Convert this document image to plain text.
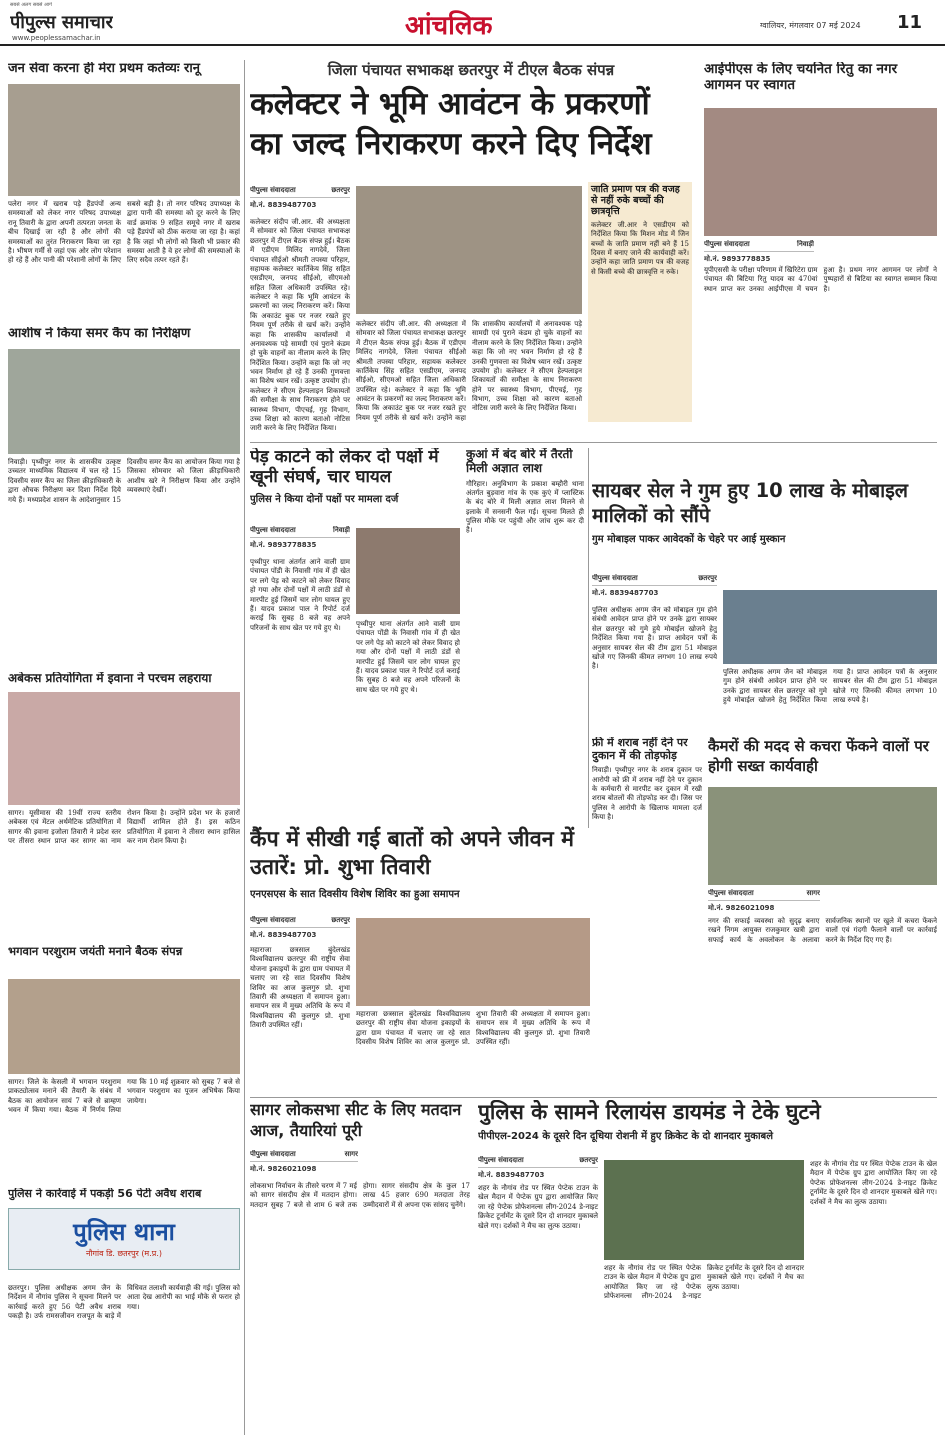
सबसे अलग सबसे आगे
पीपुल्स समाचार
www.peoplessamachar.in	आंचलिक	ग्वालियर, मंगलवार 07 मई 2024 11
जन सेवा करना ही मेरा प्रथम कर्तव्यः रानू
पलेरा नगर में खराब पड़े हैंडपंपों अन्य समस्याओं को लेकर नगर परिषद उपाध्यक्ष रानू तिवारी के द्वारा अपनी तत्परता जनता के बीच दिखाई जा रही है और लोगों की समस्याओं का तुरंत निराकरण किया जा रहा है। भीषण गर्मी से जहां एक ओर लोग परेशान हो रहे हैं और पानी की परेशानी लोगों के लिए सबसे बड़ी है। तो नगर परिषद उपाध्यक्ष के द्वारा पानी की समस्या को दूर करने के लिए वार्ड क्रमांक 9 सहित समूचे नगर में खराब पड़े हैंडपंपों को ठीक कराया जा रहा है। कहां है कि जहां भी लोगों को किसी भी प्रकार की समस्या आती है वे हर लोगों की समस्याओं के लिए सदैव तत्पर रहते हैं।
आशीष ने किया समर कैंप का निरीक्षण
निवाड़ी। पृथ्वीपुर नगर के शासकीय उत्कृष्ट उच्चतर माध्यमिक विद्यालय में चल रहे 15 दिवसीय समर कैंप का जिला क्रीड़ाधिकारी के द्वारा औचक निरीक्षण कर दिशा निर्देश दिये गये हैं। मध्यप्रदेश शासन के आदेशानुसार 15 दिवसीय समर कैंप का आयोजन किया गया है जिसका सोमवार को जिला क्रीड़ाधिकारी आशीष खरे ने निरीक्षण किया और उन्होंने व्यवस्थाएं देखीं।
अबेकस प्रतियोगिता में इवाना ने परचम लहराया
सागर। यूसीमास की 19वीं राज्य स्तरीय अबेकस एवं मेंटल अर्थमेटिक प्रतियोगिता में सागर की इवाना इजोला तिवारी ने प्रदेश स्तर पर तीसरा स्थान प्राप्त कर सागर का नाम रोशन किया है। उन्होंने प्रदेश भर के हजारों विद्यार्थी शामिल होते हैं। इस कठिन प्रतियोगिता में इवाना ने तीसरा स्थान हासिल कर नाम रोशन किया है।
भगवान परशुराम जयंती मनाने बैठक संपन्न
सागर। जिले के केसली में भगवान परशुराम प्राकट्योत्सव मनाने की तैयारी के संबंध में बैठक का आयोजन सायं 7 बजे से ब्राम्हण भवन में किया गया। बैठक में निर्णय लिया गया कि 10 मई शुक्रवार को सुबह 7 बजे से भगवान परशुराम का पूजन अभिषेक किया जायेगा।
पुलिस ने कार्रवाई में पकड़ी 56 पेटी अवैध शराब
पुलिस थाना
नौगांव डि. छतरपुर (म.प्र.)
छतरपुर। पुलिस अधीक्षक अगम जैन के निर्देशन में नौगांव पुलिस ने सूचना मिलने पर कार्रवाई करते हुए 56 पेटी अवैध शराब पकड़ी है। उर्फ रामसजीवन राजपूत के बाड़े में विधिवत तलाशी कार्यवाही की गई। पुलिस को आता देख आरोपी का भाई मौके से फरार हो गया।
जिला पंचायत सभाकक्ष छतरपुर में टीएल बैठक संपन्न
कलेक्टर ने भूमि आवंटन के प्रकरणों का जल्द निराकरण करने दिए निर्देश
पीपुल्स संवाददाता	छतरपुर
मो.नं. 8839487703
जाति प्रमाण पत्र की वजह से नहीं रुके बच्चों की छात्रवृत्ति
कलेक्टर जी.आर ने एसडीएम को निर्देशित किया कि मिशन मोड में जिन बच्चों के जाति प्रमाण नहीं बने हैं 15 दिवस में बनाए जाने की कार्यवाही करें। उन्होंने कहा जाति प्रमाण पत्र की वजह से किसी बच्चे की छात्रवृत्ति न रुके।
कलेक्टर संदीप जी.आर. की अध्यक्षता में सोमवार को जिला पंचायत सभाकक्ष छतरपुर में टीएल बैठक संपन्न हुई। बैठक में एडीएम मिलिंद नागदेवे, जिला पंचायत सीईओ श्रीमती तपस्या परिहार, सहायक कलेक्टर कार्तिकेय सिंह सहित एसडीएम, जनपद सीईओ, सीएमओ सहित जिला अधिकारी उपस्थित रहे। कलेक्टर ने कहा कि भूमि आवंटन के प्रकरणों का जल्द निराकरण करें। किया कि अकाउंट बुक पर नजर रखते हुए नियम पूर्ण तरीके से खर्च करें। उन्होंने कहा कि शासकीय कार्यालयों में अनावश्यक पड़े सामग्री एवं पुराने कंडम हो चुके वाहनों का नीलाम करने के लिए निर्देशित किया। उन्होंने कहा कि जो नए भवन निर्माण हो रहे हैं उनकी गुणवत्ता का विशेष ध्यान रखें। उत्कृष्ट उपयोग हो। कलेक्टर ने सीएम हेल्पलाइन शिकायतों की समीक्षा के साथ निराकरण होने पर स्वास्थ्य विभाग, पीएचई, गृह विभाग, उच्च शिक्षा को कारण बताओ नोटिस जारी करने के लिए निर्देशित किया।
कलेक्टर संदीप जी.आर. की अध्यक्षता में सोमवार को जिला पंचायत सभाकक्ष छतरपुर में टीएल बैठक संपन्न हुई। बैठक में एडीएम मिलिंद नागदेवे, जिला पंचायत सीईओ श्रीमती तपस्या परिहार, सहायक कलेक्टर कार्तिकेय सिंह सहित एसडीएम, जनपद सीईओ, सीएमओ सहित जिला अधिकारी उपस्थित रहे। कलेक्टर ने कहा कि भूमि आवंटन के प्रकरणों का जल्द निराकरण करें। किया कि अकाउंट बुक पर नजर रखते हुए नियम पूर्ण तरीके से खर्च करें। उन्होंने कहा कि शासकीय कार्यालयों में अनावश्यक पड़े सामग्री एवं पुराने कंडम हो चुके वाहनों का नीलाम करने के लिए निर्देशित किया। उन्होंने कहा कि जो नए भवन निर्माण हो रहे हैं उनकी गुणवत्ता का विशेष ध्यान रखें। उत्कृष्ट उपयोग हो। कलेक्टर ने सीएम हेल्पलाइन शिकायतों की समीक्षा के साथ निराकरण होने पर स्वास्थ्य विभाग, पीएचई, गृह विभाग, उच्च शिक्षा को कारण बताओ नोटिस जारी करने के लिए निर्देशित किया।
आईपीएस के लिए चयनित रितु का नगर आगमन पर स्वागत
पीपुल्स संवाददाता	निवाड़ी
मो.नं. 9893778835
यूपीएससी के परीक्षा परिणाम में खिरिटेरा ग्राम पंचायत की बिटिया रितु यादव का 470वां स्थान प्राप्त कर उनका आईपीएस में चयन हुआ है। प्रथम नगर आगमन पर लोगों ने पुष्पहारों से बिटिया का स्वागत सम्मान किया है।
पेड़ काटने को लेकर दो पक्षों में खूनी संघर्ष, चार घायल
पुलिस ने किया दोनों पक्षों पर मामला दर्ज
पीपुल्स संवाददाता	निवाड़ी
मो.नं. 9893778835
पृथ्वीपुर थाना अंतर्गत आने वाली ग्राम पंचायत पोंडी के निवासी गांव में ही खेत पर लगे पेड़ को काटने को लेकर विवाद हो गया और दोनों पक्षों में लाठी डंडों से मारपीट हुई जिसमें चार लोग घायल हुए हैं। यादव प्रकाश पाल ने रिपोर्ट दर्ज कराई कि सुबह 8 बजे वह अपने परिजनों के साथ खेत पर गये हुए थे।	पृथ्वीपुर थाना अंतर्गत आने वाली ग्राम पंचायत पोंडी के निवासी गांव में ही खेत पर लगे पेड़ को काटने को लेकर विवाद हो गया और दोनों पक्षों में लाठी डंडों से मारपीट हुई जिसमें चार लोग घायल हुए हैं। यादव प्रकाश पाल ने रिपोर्ट दर्ज कराई कि सुबह 8 बजे वह अपने परिजनों के साथ खेत पर गये हुए थे।
कुआं में बंद बोरे में तैरती मिली अज्ञात लाश
गौरिहार। अनुविभाग के प्रकाश बम्हौरी थाना अंतर्गत बुड़वारा गांव के एक कुएं में प्लास्टिक के बंद बोरे में मिली अज्ञात लाश मिलने से इलाके में सनसनी फैल गई। सूचना मिलते ही पुलिस मौके पर पहुंची और जांच शुरू कर दी है।
सायबर सेल ने गुम हुए 10 लाख के मोबाइल मालिकों को सौंपे
गुम मोबाइल पाकर आवेदकों के चेहरे पर आई मुस्कान
पीपुल्स संवाददाता	छतरपुर
मो.नं. 8839487703
पुलिस अधीक्षक अगम जैन को मोबाइल गुम होने संबंधी आवेदन प्राप्त होने पर उनके द्वारा सायबर सेल छतरपुर को गुमे हुये मोबाईल खोजने हेतु निर्देशित किया गया है। प्राप्त आवेदन पत्रों के अनुसार सायबर सेल की टीम द्वारा 51 मोबाइल खोजे गए जिनकी कीमत लगभग 10 लाख रुपये है।
पुलिस अधीक्षक अगम जैन को मोबाइल गुम होने संबंधी आवेदन प्राप्त होने पर उनके द्वारा सायबर सेल छतरपुर को गुमे हुये मोबाईल खोजने हेतु निर्देशित किया गया है। प्राप्त आवेदन पत्रों के अनुसार सायबर सेल की टीम द्वारा 51 मोबाइल खोजे गए जिनकी कीमत लगभग 10 लाख रुपये है।
कैंप में सीखी गई बातों को अपने जीवन में उतारें: प्रो. शुभा तिवारी
एनएसएस के सात दिवसीय विशेष शिविर का हुआ समापन
पीपुल्स संवाददाता	छतरपुर
मो.नं. 8839487703
महाराजा छत्रसाल बुंदेलखंड विश्वविद्यालय छतरपुर की राष्ट्रीय सेवा योजना इकाइयों के द्वारा ग्राम पंचायत में चलाए जा रहे सात दिवसीय विशेष शिविर का आज कुलगुरु प्रो. शुभा तिवारी की अध्यक्षता में समापन हुआ। समापन सत्र में मुख्य अतिथि के रूप में विश्वविद्यालय की कुलगुरु प्रो. शुभा तिवारी उपस्थित रहीं।
महाराजा छत्रसाल बुंदेलखंड विश्वविद्यालय छतरपुर की राष्ट्रीय सेवा योजना इकाइयों के द्वारा ग्राम पंचायत में चलाए जा रहे सात दिवसीय विशेष शिविर का आज कुलगुरु प्रो. शुभा तिवारी की अध्यक्षता में समापन हुआ। समापन सत्र में मुख्य अतिथि के रूप में विश्वविद्यालय की कुलगुरु प्रो. शुभा तिवारी उपस्थित रहीं।
फ्री में शराब नहीं देने पर दुकान में की तोड़फोड़
निवाड़ी। पृथ्वीपुर नगर के शराब दुकान पर आरोपी को फ्री में शराब नहीं देने पर दुकान के कर्मचारी से मारपीट कर दुकान में रखी शराब बोतलों की तोड़फोड़ कर दी। जिस पर पुलिस ने आरोपी के खिलाफ मामला दर्ज किया है।
कैमरों की मदद से कचरा फेंकने वालों पर होगी सख्त कार्यवाही
पीपुल्स संवाददाता	सागर
मो.नं. 9826021098
नगर की सफाई व्यवस्था को सुदृढ़ बनाए रखने निगम आयुक्त राजकुमार खत्री द्वारा सफाई कार्य के अवलोकन के अलावा सार्वजनिक स्थानों पर खुले में कचरा फेंकने वालों एवं गंदगी फैलाने वालों पर कार्रवाई करने के निर्देश दिए गए हैं।
सागर लोकसभा सीट के लिए मतदान आज, तैयारियां पूरी
पीपुल्स संवाददाता	सागर
मो.नं. 9826021098
लोकसभा निर्वाचन के तीसरे चरण में 7 मई को सागर संसदीय क्षेत्र में मतदान होगा। मतदान सुबह 7 बजे से शाम 6 बजे तक होगा। सागर संसदीय क्षेत्र के कुल 17 लाख 45 हजार 690 मतदाता तेरह उम्मीदवारों में से अपना एक सांसद चुनेंगे।
पुलिस के सामने रिलायंस डायमंड ने टेके घुटने
पीपीएल-2024 के दूसरे दिन दूधिया रोशनी में हुए क्रिकेट के दो शानदार मुकाबले
पीपुल्स संवाददाता	छतरपुर
मो.नं. 8839487703
शहर के नौगांव रोड पर स्थित पेप्टेक टाउन के खेल मैदान में पेप्टेक ग्रुप द्वारा आयोजित किए जा रहे पेप्टेक प्रोफेशनल्स लीग-2024 डे-नाइट क्रिकेट टूर्नामेंट के दूसरे दिन दो शानदार मुकाबले खेले गए। दर्शकों ने मैच का लुत्फ उठाया।
शहर के नौगांव रोड पर स्थित पेप्टेक टाउन के खेल मैदान में पेप्टेक ग्रुप द्वारा आयोजित किए जा रहे पेप्टेक प्रोफेशनल्स लीग-2024 डे-नाइट क्रिकेट टूर्नामेंट के दूसरे दिन दो शानदार मुकाबले खेले गए। दर्शकों ने मैच का लुत्फ उठाया।
शहर के नौगांव रोड पर स्थित पेप्टेक टाउन के खेल मैदान में पेप्टेक ग्रुप द्वारा आयोजित किए जा रहे पेप्टेक प्रोफेशनल्स लीग-2024 डे-नाइट क्रिकेट टूर्नामेंट के दूसरे दिन दो शानदार मुकाबले खेले गए। दर्शकों ने मैच का लुत्फ उठाया।
